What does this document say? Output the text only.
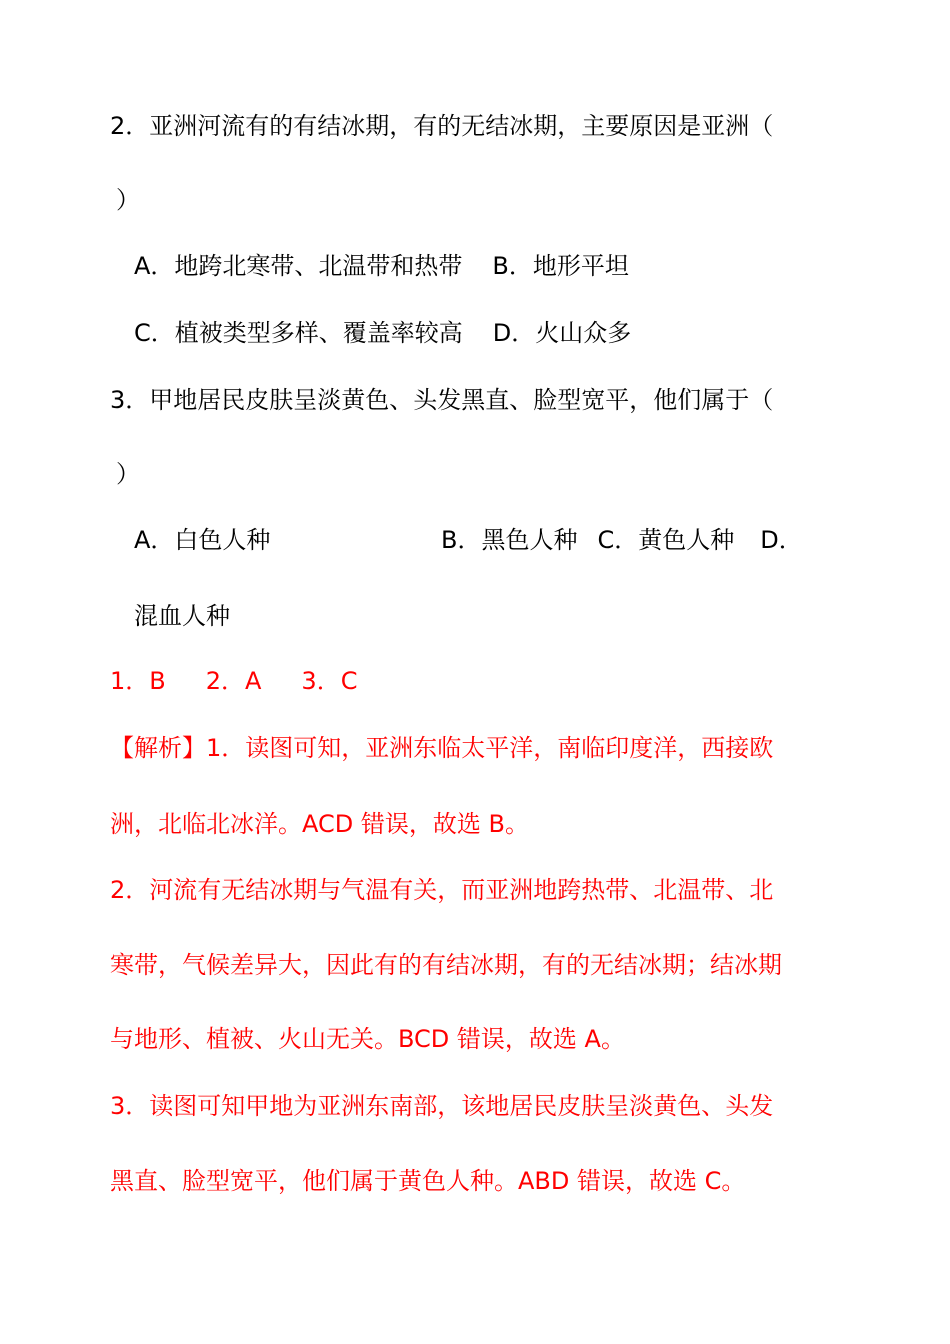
2．亚洲河流有的有结冰期，有的无结冰期，主要原因是亚洲（
）
A．地跨北寒带、北温带和热带 B．地形平坦
C．植被类型多样、覆盖率较高 D．火山众多
3．甲地居民皮肤呈淡黄色、头发黑直、脸型宽平，他们属于（
）
A．白色人种	B．黑色人种 C．黄色人种 D．
混血人种
1．B 2．A 3．C
【解析】1．读图可知，亚洲东临太平洋，南临印度洋，西接欧
洲，北临北冰洋。ACD 错误，故选 B。
2．河流有无结冰期与气温有关，而亚洲地跨热带、北温带、北
寒带，气候差异大，因此有的有结冰期，有的无结冰期；结冰期
与地形、植被、火山无关。BCD 错误，故选 A。
3．读图可知甲地为亚洲东南部，该地居民皮肤呈淡黄色、头发
黑直、脸型宽平，他们属于黄色人种。ABD 错误，故选 C。
